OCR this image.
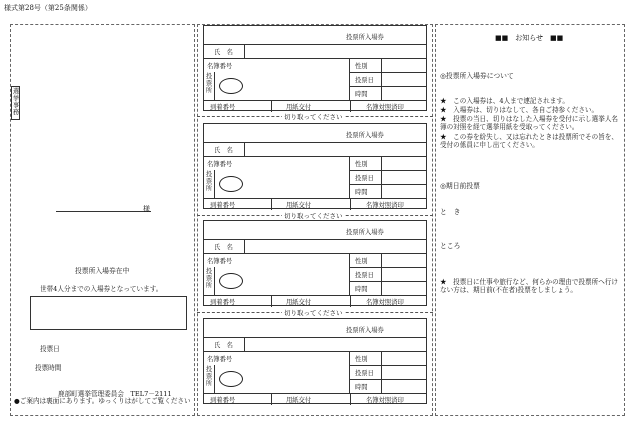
様式第28号（第25条関係）
選挙事務
様
投票所入場券在中
世帯4人分までの入場券となっています。
投票日
投票時間
鹿部町選挙管理委員会　TEL7－2111
●ご案内は裏面にあります。ゆっくりはがしてご覧ください
投票所入場券
氏　名
名簿番号	性別
投票所
投票日
時間
到着番号	用紙交付	名簿対照済印
切り取ってください
投票所入場券
氏　名
名簿番号	性別
投票所
投票日
時間
到着番号	用紙交付	名簿対照済印
切り取ってください
投票所入場券
氏　名
名簿番号	性別
投票所
投票日
時間
到着番号	用紙交付	名簿対照済印
切り取ってください
投票所入場券
氏　名
名簿番号	性別
投票所
投票日
時間
到着番号	用紙交付	名簿対照済印
■■　お知らせ　■■
◎投票所入場券について
★　この入場券は、4人まで連記されます。
★　入場券は、切りはなして、各自ご持参ください。
★　投票の当日、切りはなした入場券を受付に示し選挙人名簿の対照を経て選挙用紙を受取ってください。
★　この券を紛失し、又は忘れたときは投票所でその旨を、受付の係員に申し出てください。
◎期日前投票
と　き
ところ
★　投票日に仕事や旅行など、何らかの理由で投票所へ行けない方は、期日前(不在者)投票をしましょう。
